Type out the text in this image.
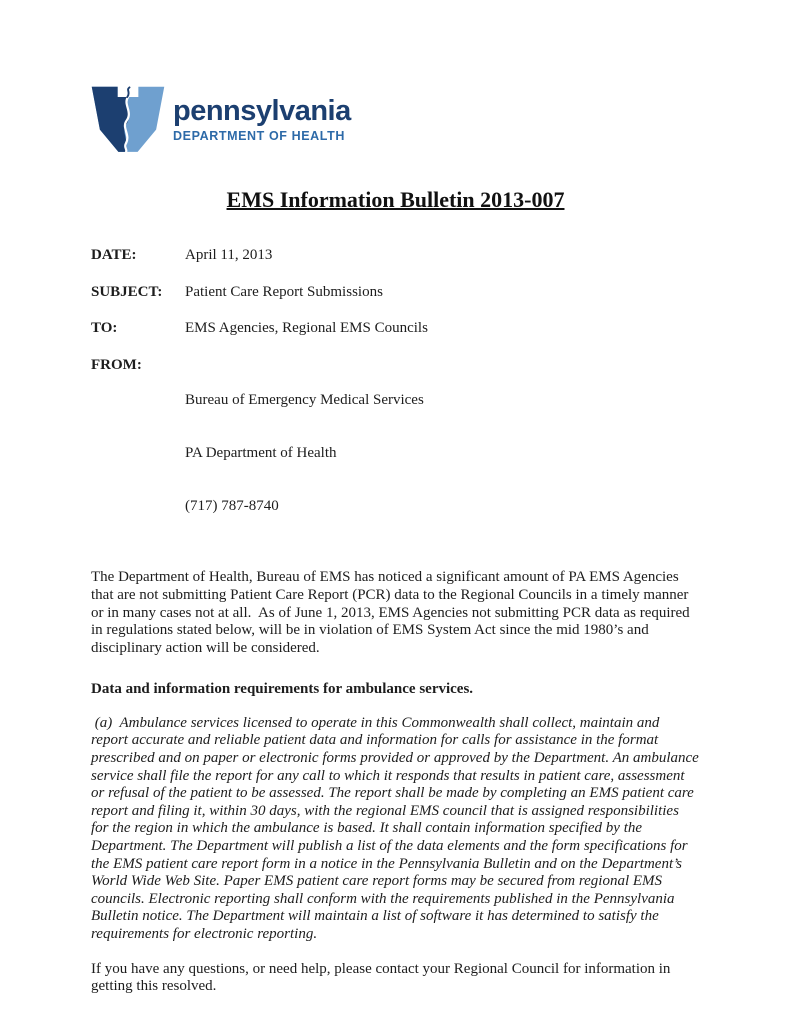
pennsylvania
DEPARTMENT OF HEALTH
EMS Information Bulletin 2013-007
DATE:	April 11, 2013
SUBJECT:	Patient Care Report Submissions
TO:	EMS Agencies, Regional EMS Councils
FROM:

Bureau of Emergency Medical Services

PA Department of Health

(717) 787-8740

The Department of Health, Bureau of EMS has noticed a significant amount of PA EMS Agencies that are not submitting Patient Care Report (PCR) data to the Regional Councils in a timely manner or in many cases not at all.  As of June 1, 2013, EMS Agencies not submitting PCR data as required in regulations stated below, will be in violation of EMS System Act since the mid 1980’s and disciplinary action will be considered.

Data and information requirements for ambulance services.

(a)  Ambulance services licensed to operate in this Commonwealth shall collect, maintain and report accurate and reliable patient data and information for calls for assistance in the format prescribed and on paper or electronic forms provided or approved by the Department. An ambulance service shall file the report for any call to which it responds that results in patient care, assessment or refusal of the patient to be assessed. The report shall be made by completing an EMS patient care report and filing it, within 30 days, with the regional EMS council that is assigned responsibilities for the region in which the ambulance is based. It shall contain information specified by the Department. The Department will publish a list of the data elements and the form specifications for the EMS patient care report form in a notice in the Pennsylvania Bulletin and on the Department’s World Wide Web Site. Paper EMS patient care report forms may be secured from regional EMS councils. Electronic reporting shall conform with the requirements published in the Pennsylvania Bulletin notice. The Department will maintain a list of software it has determined to satisfy the requirements for electronic reporting.

If you have any questions, or need help, please contact your Regional Council for information in getting this resolved.
